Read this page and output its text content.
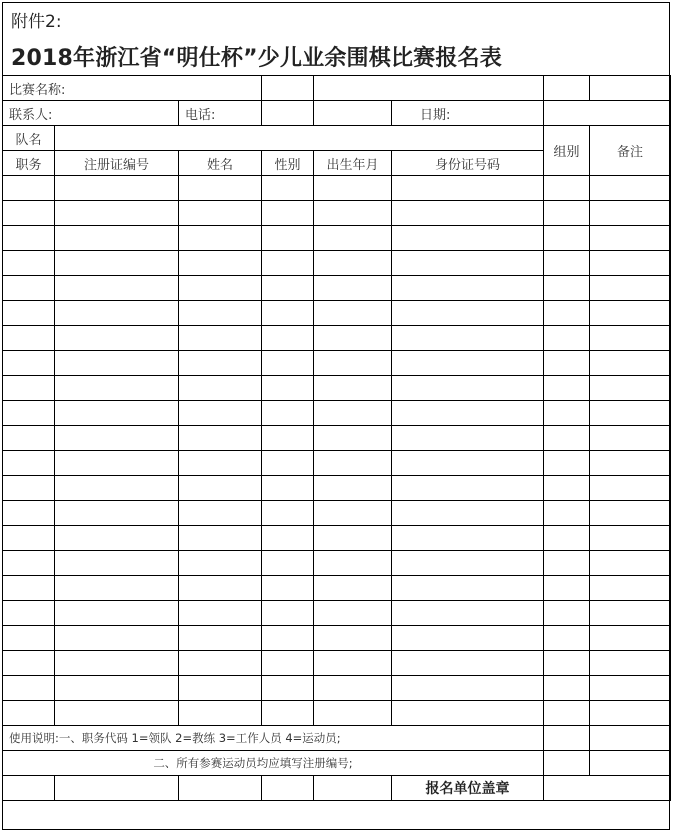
附件2:
2018年浙江省“明仕杯”少儿业余围棋比赛报名表
比赛名称:							
联系人:		电话:			日期:		
队名						组别	备注
职务	注册证编号	姓名	性别	出生年月	身份证号码		

使用说明:一、职务代码 1=领队 2=教练 3=工作人员 4=运动员;							
二、所有参赛运动员均应填写注册编号;							
					报名单位盖章		
